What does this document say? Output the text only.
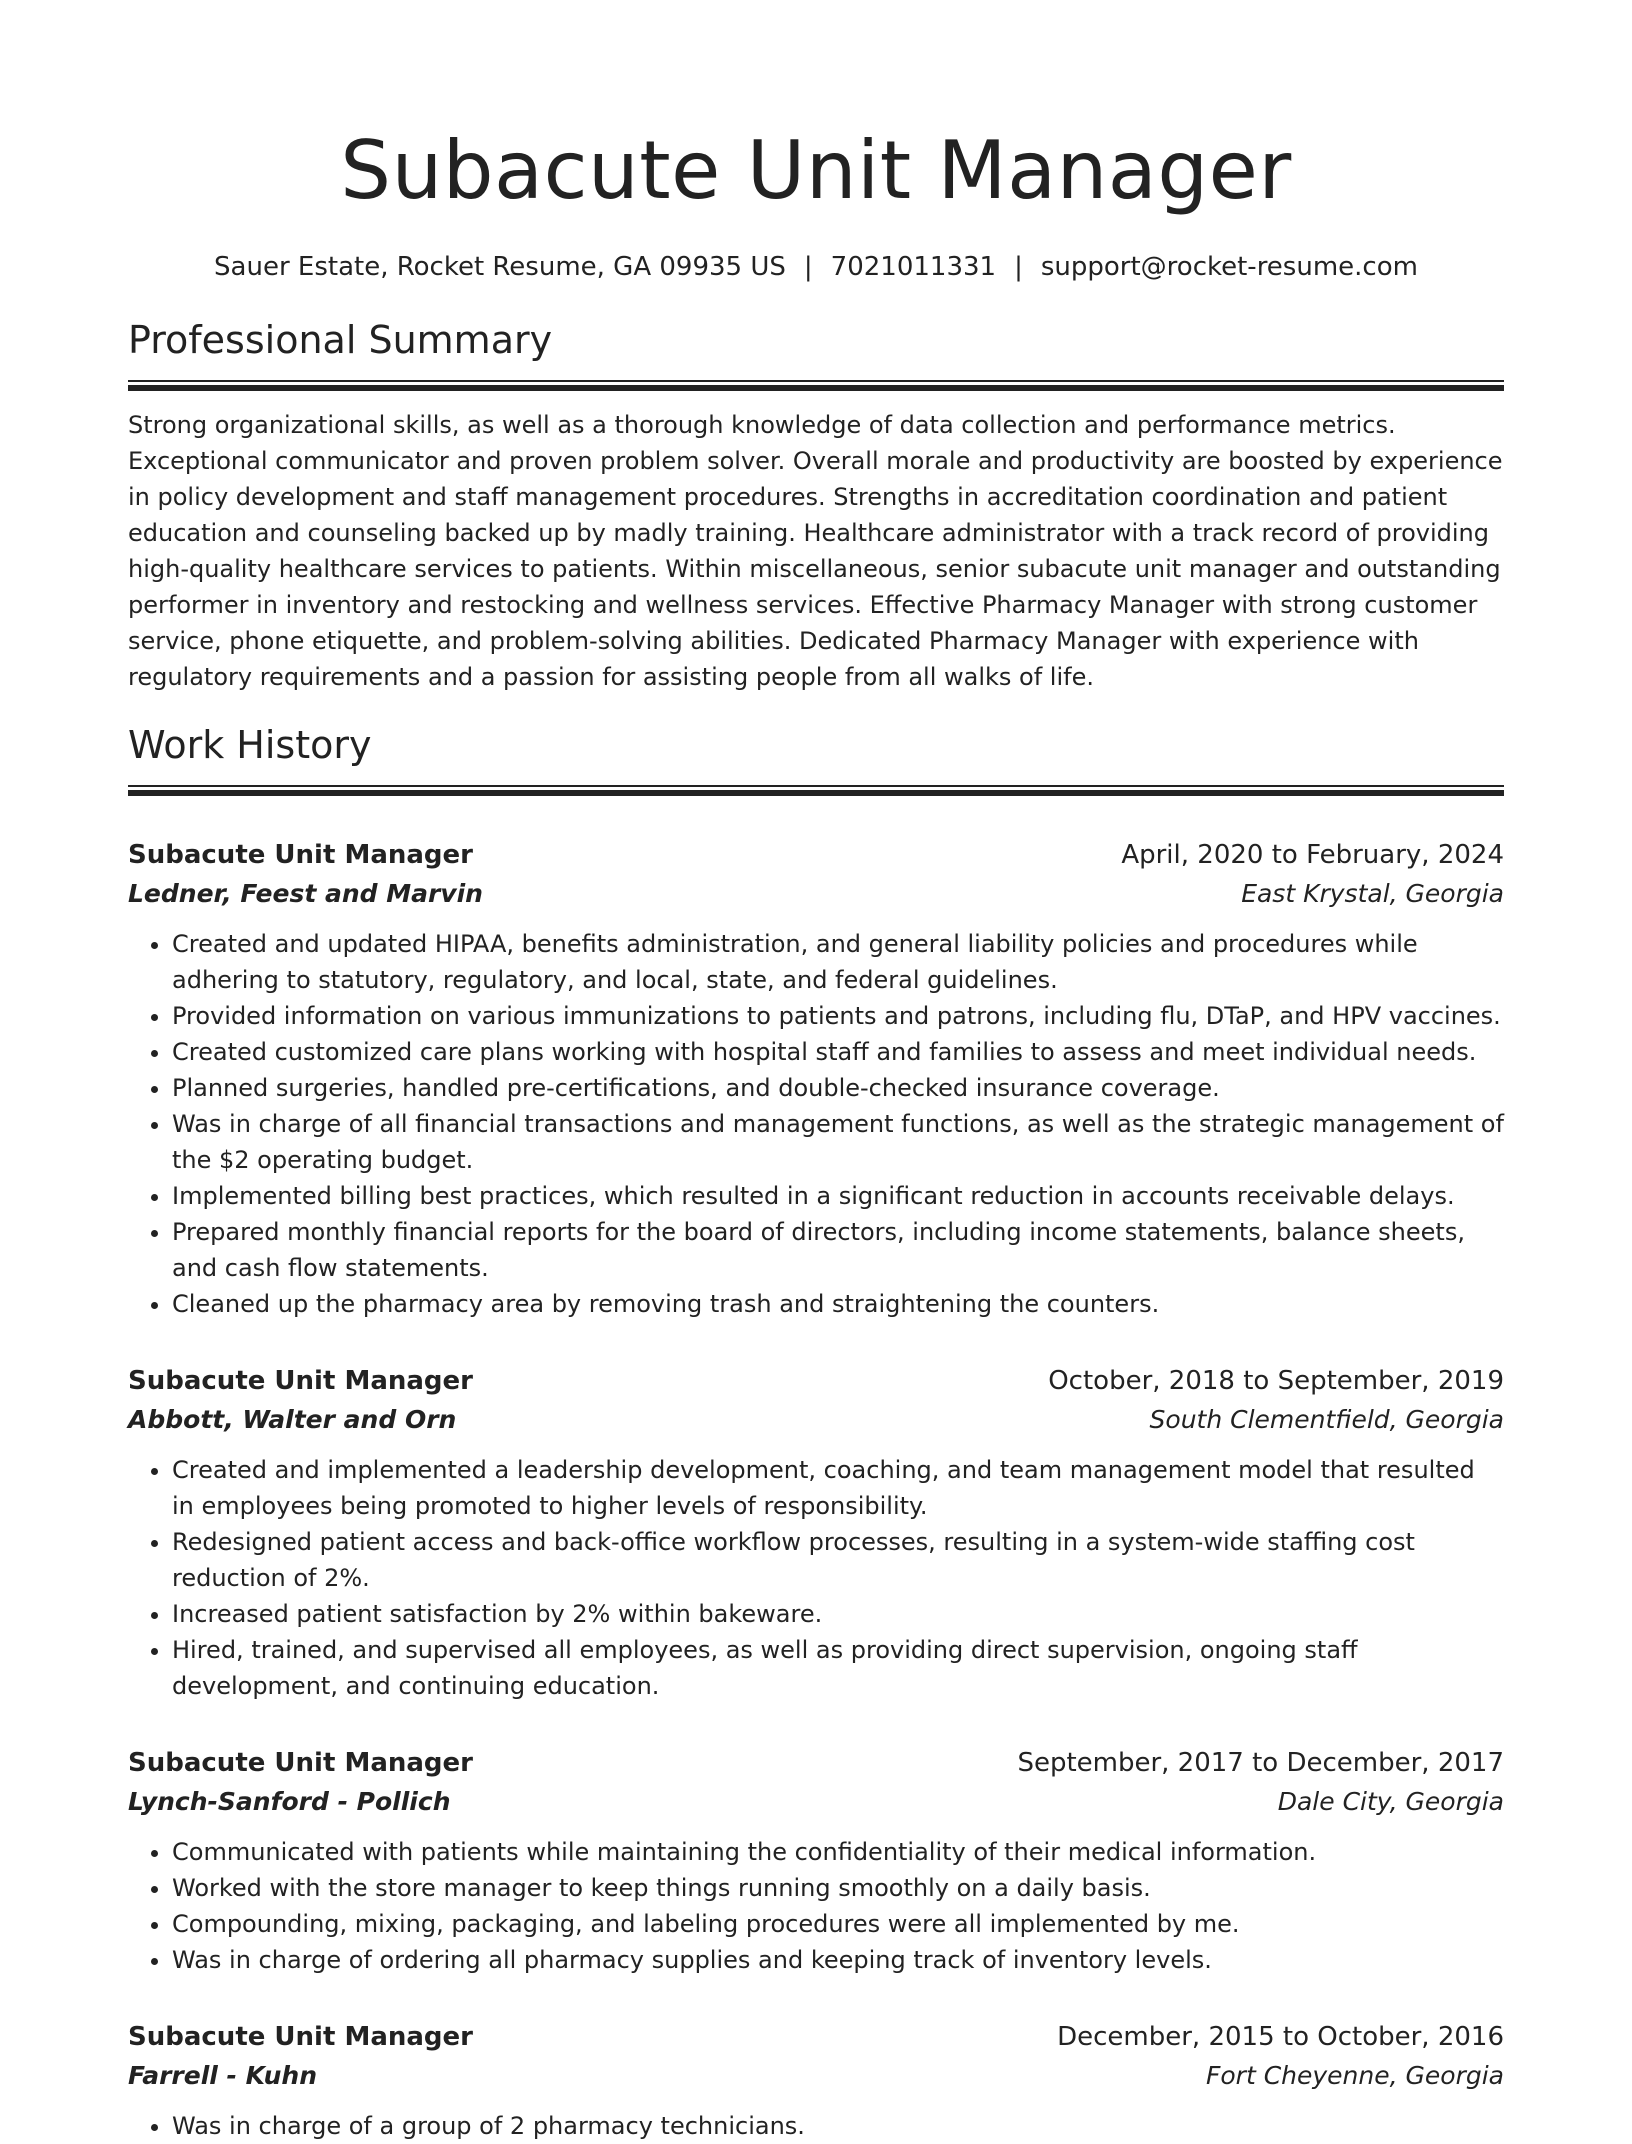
Subacute Unit Manager
Sauer Estate, Rocket Resume, GA 09935 US | 7021011331 | support@rocket-resume.com
Professional Summary

Strong organizational skills, as well as a thorough knowledge of data collection and performance metrics. Exceptional communicator and proven problem solver. Overall morale and productivity are boosted by experience in policy development and staff management procedures. Strengths in accreditation coordination and patient education and counseling backed up by madly training. Healthcare administrator with a track record of providing high-quality healthcare services to patients. Within miscellaneous, senior subacute unit manager and outstanding performer in inventory and restocking and wellness services. Effective Pharmacy Manager with strong customer service, phone etiquette, and problem-solving abilities. Dedicated Pharmacy Manager with experience with regulatory requirements and a passion for assisting people from all walks of life.

Work History
Subacute Unit Manager	April, 2020 to February, 2024
Ledner, Feest and Marvin	East Krystal, Georgia
• Created and updated HIPAA, benefits administration, and general liability policies and procedures while adhering to statutory, regulatory, and local, state, and federal guidelines.
• Provided information on various immunizations to patients and patrons, including flu, DTaP, and HPV vaccines.
• Created customized care plans working with hospital staff and families to assess and meet individual needs.
• Planned surgeries, handled pre-certifications, and double-checked insurance coverage.
• Was in charge of all financial transactions and management functions, as well as the strategic management of the $2 operating budget.
• Implemented billing best practices, which resulted in a significant reduction in accounts receivable delays.
• Prepared monthly financial reports for the board of directors, including income statements, balance sheets, and cash flow statements.
• Cleaned up the pharmacy area by removing trash and straightening the counters.
Subacute Unit Manager	October, 2018 to September, 2019
Abbott, Walter and Orn	South Clementfield, Georgia
• Created and implemented a leadership development, coaching, and team management model that resulted in employees being promoted to higher levels of responsibility.
• Redesigned patient access and back-office workflow processes, resulting in a system-wide staffing cost reduction of 2%.
• Increased patient satisfaction by 2% within bakeware.
• Hired, trained, and supervised all employees, as well as providing direct supervision, ongoing staff development, and continuing education.
Subacute Unit Manager	September, 2017 to December, 2017
Lynch-Sanford - Pollich	Dale City, Georgia
• Communicated with patients while maintaining the confidentiality of their medical information.
• Worked with the store manager to keep things running smoothly on a daily basis.
• Compounding, mixing, packaging, and labeling procedures were all implemented by me.
• Was in charge of ordering all pharmacy supplies and keeping track of inventory levels.
Subacute Unit Manager	December, 2015 to October, 2016
Farrell - Kuhn	Fort Cheyenne, Georgia
• Was in charge of a group of 2 pharmacy technicians.
